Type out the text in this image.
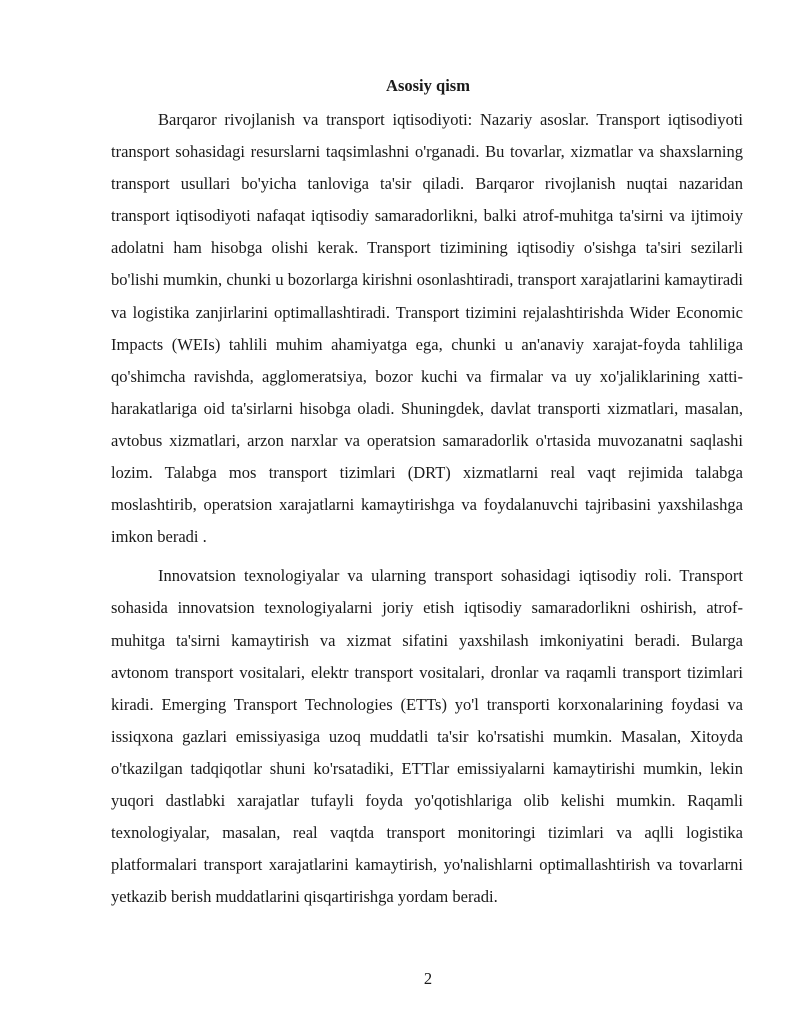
Asosiy qism

Barqaror rivojlanish va transport iqtisodiyoti: Nazariy asoslar. Transport iqtisodiyoti transport sohasidagi resurslarni taqsimlashni o'rganadi. Bu tovarlar, xizmatlar va shaxslarning transport usullari bo'yicha tanloviga ta'sir qiladi. Barqaror rivojlanish nuqtai nazaridan transport iqtisodiyoti nafaqat iqtisodiy samaradorlikni, balki atrof-muhitga ta'sirni va ijtimoiy adolatni ham hisobga olishi kerak. Transport tizimining iqtisodiy o'sishga ta'siri sezilarli bo'lishi mumkin, chunki u bozorlarga kirishni osonlashtiradi, transport xarajatlarini kamaytiradi va logistika zanjirlarini optimallashtiradi. Transport tizimini rejalashtirishda Wider Economic Impacts (WEIs) tahlili muhim ahamiyatga ega, chunki u an'anaviy xarajat-foyda tahliliga qo'shimcha ravishda, agglomeratsiya, bozor kuchi va firmalar va uy xo'jaliklarining xatti-harakatlariga oid ta'sirlarni hisobga oladi. Shuningdek, davlat transporti xizmatlari, masalan, avtobus xizmatlari, arzon narxlar va operatsion samaradorlik o'rtasida muvozanatni saqlashi lozim. Talabga mos transport tizimlari (DRT) xizmatlarni real vaqt rejimida talabga moslashtirib, operatsion xarajatlarni kamaytirishga va foydalanuvchi tajribasini yaxshilashga imkon beradi .

Innovatsion texnologiyalar va ularning transport sohasidagi iqtisodiy roli. Transport sohasida innovatsion texnologiyalarni joriy etish iqtisodiy samaradorlikni oshirish, atrof-muhitga ta'sirni kamaytirish va xizmat sifatini yaxshilash imkoniyatini beradi. Bularga avtonom transport vositalari, elektr transport vositalari, dronlar va raqamli transport tizimlari kiradi. Emerging Transport Technologies (ETTs) yo'l transporti korxonalarining foydasi va issiqxona gazlari emissiyasiga uzoq muddatli ta'sir ko'rsatishi mumkin. Masalan, Xitoyda o'tkazilgan tadqiqotlar shuni ko'rsatadiki, ETTlar emissiyalarni kamaytirishi mumkin, lekin yuqori dastlabki xarajatlar tufayli foyda yo'qotishlariga olib kelishi mumkin. Raqamli texnologiyalar, masalan, real vaqtda transport monitoringi tizimlari va aqlli logistika platformalari transport xarajatlarini kamaytirish, yo'nalishlarni optimallashtirish va tovarlarni yetkazib berish muddatlarini qisqartirishga yordam beradi.

2
